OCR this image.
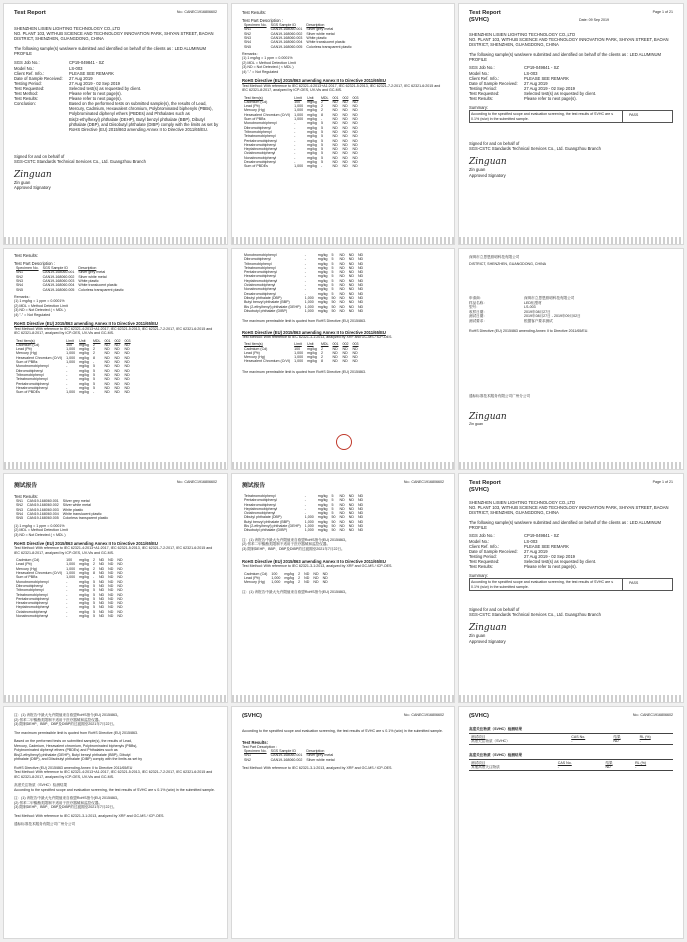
Test Report	No.: CANEC1916806602
SHENZHEN LISIEN LIGHTING TECHNOLOGY CO.,LTD
NO. PLANT 103, WITHUB SCIENCE AND TECHNOLOGY INNOVATION PARK, SHIYAN STREET, BAOAN
DISTRICT, SHENZHEN, GUANGDONG, CHINA
The following sample(s) was/were submitted and identified on behalf of the clients as : LED ALUMINUM PROFILE
SGS Job No.:	CP19-049841 - SZ
Model No.:	LS-003
Client Ref. Info.:	PLEASE SEE REMARK
Date of Sample Received:	27 Aug 2019
Testing Period:	27 Aug 2019 - 02 Sep 2019
Test Requested:	Selected test(s) as requested by client.
Test Method:	Please refer to next page(s).
Test Results:	Please refer to next page(s).
Conclusion:	Based on the performed tests on submitted sample(s), the results of Lead,
Mercury, Cadmium, Hexavalent chromium, Polybrominated biphenyls (PBBs),
Polybrominated diphenyl ethers (PBDEs) and Phthalates such as
Bis(2-ethylhexyl) phthalate (DEHP), Butyl benzyl phthalate (BBP), Dibutyl
phthalate (DBP), and Diisobutyl phthalate (DIBP) comply with the limits as set by
RoHS Directive (EU) 2015/863 amending Annex II to Directive 2011/65/EU.
Signed for and on behalf of
SGS-CSTC Standards Technical Services Co., Ltd. Guangzhou Branch
Zinguan
Zin guan
Approved Signatory
Test Results:
Test Part Description :
Specimen No.	SGS Sample ID	Description
SN1	CAN19-168060.001	Silver grey metal
SN2	CAN19-168060.002	Silver white metal
SN3	CAN19-168060.003	White plastic
SN4	CAN19-168060.004	White translucent plastic
SN5	CAN19-168060.005	Colorless transparent plastic
Remarks :
(1) 1 mg/kg = 1 ppm = 0.0001%
(2) MDL = Method Detection Limit
(3) ND = Not Detected ( < MDL )
(4) "-" = Not Regulated
RoHS Directive (EU) 2015/863 amending Annex II to Directive 2011/65/EU
Test Method: With reference to IEC 62321-4:2013+A1:2017, IEC 62321-5:2013, IEC 62321-7-2:2017, IEC 62321-6:2015 and IEC 62321-8:2017, analyzed by ICP-OES, UV-Vis and GC-MS.
Test Item(s)	Limit	Unit	MDL	001	002	003
Cadmium (Cd)	100	mg/kg	2	ND	ND	ND
Lead (Pb)	1,000	mg/kg	2	ND	ND	ND
Mercury (Hg)	1,000	mg/kg	2	ND	ND	ND
Hexavalent Chromium (CrVI)	1,000	mg/kg	8	ND	ND	ND
Sum of PBBs	1,000	mg/kg	-	ND	ND	ND
Monobromobiphenyl	-	mg/kg	5	ND	ND	ND
Dibromobiphenyl	-	mg/kg	5	ND	ND	ND
Tribromobiphenyl	-	mg/kg	5	ND	ND	ND
Tetrabromobiphenyl	-	mg/kg	5	ND	ND	ND
Pentabromobiphenyl	-	mg/kg	5	ND	ND	ND
Hexabromobiphenyl	-	mg/kg	5	ND	ND	ND
Heptabromobiphenyl	-	mg/kg	5	ND	ND	ND
Octabromobiphenyl	-	mg/kg	5	ND	ND	ND
Nonabromobiphenyl	-	mg/kg	5	ND	ND	ND
Decabromobiphenyl	-	mg/kg	5	ND	ND	ND
Sum of PBDEs	1,000	mg/kg	-	ND	ND	ND
Test Report	Page 1 of 21
(SVHC)	Date: 09 Sep 2019
SHENZHEN LISIEN LIGHTING TECHNOLOGY CO.,LTD
NO. PLANT 103, WITHUB SCIENCE AND TECHNOLOGY INNOVATION PARK, SHIYAN STREET, BAOAN
DISTRICT, SHENZHEN, GUANGDONG, CHINA
The following sample(s) was/were submitted and identified on behalf of the clients as : LED ALUMINUM PROFILE
SGS Job No.:	CP19-049841 - SZ
Model No.:	LS-003
Client Ref. Info.:	PLEASE SEE REMARK
Date of Sample Received:	27 Aug 2019
Testing Period:	27 Aug 2019 - 02 Sep 2019
Test Requested:	Selected test(s) as requested by client.
Test Results:	Please refer to next page(s).
Summary:
According to the specified scope and evaluation screening, the test results of SVHC are ≤ 0.1% (w/w) in the submitted sample.
PASS
Signed for and on behalf of
SGS-CSTC Standards Technical Services Co., Ltd. Guangzhou Branch
Zinguan
Zin guan
Approved Signatory
Test Results:
Test Part Description :
Specimen No.	SGS Sample ID	Description
SN1	CAN19-168060.001	Silver grey metal
SN2	CAN19-168060.002	Silver white metal
SN3	CAN19-168060.003	White plastic
SN4	CAN19-168060.004	White translucent plastic
SN5	CAN19-168060.005	Colorless transparent plastic
Remarks :
(1) 1 mg/kg = 1 ppm = 0.0001%
(2) MDL = Method Detection Limit
(3) ND = Not Detected ( < MDL )
(4) "-" = Not Regulated
RoHS Directive (EU) 2015/863 amending Annex II to Directive 2011/65/EU
Test Method: With reference to IEC 62321-4:2013+A1:2017, IEC 62321-5:2013, IEC 62321-7-2:2017, IEC 62321-6:2015 and IEC 62321-8:2017, analyzed by ICP-OES, UV-Vis and GC-MS.
Test Item(s)	Limit	Unit	MDL	001	002	003
Cadmium (Cd)	100	mg/kg	2	ND	ND	ND
Lead (Pb)	1,000	mg/kg	2	ND	ND	ND
Mercury (Hg)	1,000	mg/kg	2	ND	ND	ND
Hexavalent Chromium (CrVI)	1,000	mg/kg	8	ND	ND	ND
Sum of PBBs	1,000	mg/kg	-	ND	ND	ND
Monobromobiphenyl	-	mg/kg	5	ND	ND	ND
Dibromobiphenyl	-	mg/kg	5	ND	ND	ND
Tribromobiphenyl	-	mg/kg	5	ND	ND	ND
Tetrabromobiphenyl	-	mg/kg	5	ND	ND	ND
Pentabromobiphenyl	-	mg/kg	5	ND	ND	ND
Hexabromobiphenyl	-	mg/kg	5	ND	ND	ND
Sum of PBDEs	1,000	mg/kg	-	ND	ND	ND
Monobromobiphenyl	-	mg/kg	5	ND	ND	ND
Dibromobiphenyl	-	mg/kg	5	ND	ND	ND
Tribromobiphenyl	-	mg/kg	5	ND	ND	ND
Tetrabromobiphenyl	-	mg/kg	5	ND	ND	ND
Pentabromobiphenyl	-	mg/kg	5	ND	ND	ND
Hexabromobiphenyl	-	mg/kg	5	ND	ND	ND
Heptabromobiphenyl	-	mg/kg	5	ND	ND	ND
Octabromobiphenyl	-	mg/kg	5	ND	ND	ND
Nonabromobiphenyl	-	mg/kg	5	ND	ND	ND
Decabromobiphenyl	-	mg/kg	5	ND	ND	ND
Dibutyl phthalate (DBP)	1,000	mg/kg	50	ND	ND	ND
Butyl benzyl phthalate (BBP)	1,000	mg/kg	50	ND	ND	ND
Bis (2-ethylhexyl) phthalate (DEHP)	1,000	mg/kg	50	ND	ND	ND
Diisobutyl phthalate (DIBP)	1,000	mg/kg	50	ND	ND	ND
The maximum permissible limit is quoted from RoHS Directive (EU) 2015/863.
RoHS Directive (EU) 2015/863 amending Annex II to Directive 2011/65/EU
Test Method: With reference to IEC 62321-3-1:2013, analyzed by XRF and GC-MS / ICP-OES.
Test Item(s)	Limit	Unit	MDL	001	002	003
Cadmium (Cd)	100	mg/kg	2	ND	ND	ND
Lead (Pb)	1,000	mg/kg	2	ND	ND	ND
Mercury (Hg)	1,000	mg/kg	2	ND	ND	ND
Hexavalent Chromium (CrVI)	1,000	mg/kg	8	ND	ND	ND
The maximum permissible limit is quoted from RoHS Directive (EU) 2015/863.
深圳市立思恩照明科技有限公司
DISTRICT, SHENZHEN, GUANGDONG, CHINA
申请商：	深圳市立思恩照明科技有限公司
样品名称：	LED铝型材
型号：	LS-003
收样日期：	2019年08月27日
测试日期：	2019年08月27日 - 2019年09月02日
测试要求：	根据客户要求测试
RoHS Directive (EU) 2015/863 amending Annex II to Directive 2011/65/EU.
通标标准技术服务有限公司广州分公司
Zinguan
Zin guan
测试报告
No.: CANEC1916806602
Test Results:
SN1	CAN19-168060.001	Silver grey metal
SN2	CAN19-168060.002	Silver white metal
SN3	CAN19-168060.003	White plastic
SN4	CAN19-168060.004	White translucent plastic
SN5	CAN19-168060.005	Colorless transparent plastic
(1) 1 mg/kg = 1 ppm = 0.0001%
(2) MDL = Method Detection Limit
(3) ND = Not Detected ( < MDL )
RoHS Directive (EU) 2015/863 amending Annex II to Directive 2011/65/EU
Test Method: With reference to IEC 62321-4:2013+A1:2017, IEC 62321-5:2013, IEC 62321-7-2:2017, IEC 62321-6:2015 and IEC 62321-8:2017, analyzed by ICP-OES, UV-Vis and GC-MS.
Cadmium (Cd)	100	mg/kg	2	ND	ND	ND
Lead (Pb)	1,000	mg/kg	2	ND	ND	ND
Mercury (Hg)	1,000	mg/kg	2	ND	ND	ND
Hexavalent Chromium (CrVI)	1,000	mg/kg	8	ND	ND	ND
Sum of PBBs	1,000	mg/kg	-	ND	ND	ND
Monobromobiphenyl	-	mg/kg	5	ND	ND	ND
Dibromobiphenyl	-	mg/kg	5	ND	ND	ND
Tribromobiphenyl	-	mg/kg	5	ND	ND	ND
Tetrabromobiphenyl	-	mg/kg	5	ND	ND	ND
Pentabromobiphenyl	-	mg/kg	5	ND	ND	ND
Hexabromobiphenyl	-	mg/kg	5	ND	ND	ND
Heptabromobiphenyl	-	mg/kg	5	ND	ND	ND
Octabromobiphenyl	-	mg/kg	5	ND	ND	ND
Nonabromobiphenyl	-	mg/kg	5	ND	ND	ND
测试报告
No.: CANEC1916806602
Tetrabromobiphenyl	-	mg/kg	5	ND	ND	ND
Pentabromobiphenyl	-	mg/kg	5	ND	ND	ND
Hexabromobiphenyl	-	mg/kg	5	ND	ND	ND
Heptabromobiphenyl	-	mg/kg	5	ND	ND	ND
Octabromobiphenyl	-	mg/kg	5	ND	ND	ND
Dibutyl phthalate (DBP)	1,000	mg/kg	50	ND	ND	ND
Butyl benzyl phthalate (BBP)	1,000	mg/kg	50	ND	ND	ND
Bis (2-ethylhexyl) phthalate (DEHP)	1,000	mg/kg	50	ND	ND	ND
Diisobutyl phthalate (DIBP)	1,000	mg/kg	50	ND	ND	ND
注：(1) 该报告中最大允许限值来自欧盟RoHS指令(EU) 2015/863。
(2) 邻苯二甲酸酯类限制不适用于医疗器械和监控仪器。
(3) 限制DEHP、BBP、DBP及DIBP的过渡期至2021年7月22日。
RoHS Directive (EU) 2015/863 amending Annex II to Directive 2011/65/EU
Test Method: With reference to IEC 62321-3-1:2013, analyzed by XRF and GC-MS / ICP-OES.
Cadmium (Cd)	100	mg/kg	2	ND	ND	ND
Lead (Pb)	1,000	mg/kg	2	ND	ND	ND
Mercury (Hg)	1,000	mg/kg	2	ND	ND	ND
注：(1) 该报告中最大允许限值来自欧盟RoHS指令(EU) 2015/863。
Test Report	Page 1 of 21
(SVHC)
SHENZHEN LISIEN LIGHTING TECHNOLOGY CO.,LTD
NO. PLANT 103, WITHUB SCIENCE AND TECHNOLOGY INNOVATION PARK, SHIYAN STREET, BAOAN
DISTRICT, SHENZHEN, GUANGDONG, CHINA
The following sample(s) was/were submitted and identified on behalf of the clients as : LED ALUMINUM PROFILE
SGS Job No.:	CP19-049841 - SZ
Model No.:	LS-003
Client Ref. Info.:	PLEASE SEE REMARK
Date of Sample Received:	27 Aug 2019
Testing Period:	27 Aug 2019 - 02 Sep 2019
Test Requested:	Selected test(s) as requested by client.
Test Results:	Please refer to next page(s).
Summary:
According to the specified scope and evaluation screening, the test results of SVHC are ≤ 0.1% (w/w) in the submitted sample.
PASS
Signed for and on behalf of
SGS-CSTC Standards Technical Services Co., Ltd. Guangzhou Branch
Zinguan
Zin guan
Approved Signatory
注：(1) 该报告中最大允许限值来自欧盟RoHS指令(EU) 2015/863。
(2) 邻苯二甲酸酯类限制不适用于医疗器械和监控仪器。
(3) 限制DEHP、BBP、DBP及DIBP的过渡期至2021年7月22日。
The maximum permissible limit is quoted from RoHS Directive (EU) 2015/863.
Based on the performed tests on submitted sample(s), the results of Lead,
Mercury, Cadmium, Hexavalent chromium, Polybrominated biphenyls (PBBs),
Polybrominated diphenyl ethers (PBDEs) and Phthalates such as
Bis(2-ethylhexyl) phthalate (DEHP), Butyl benzyl phthalate (BBP), Dibutyl
phthalate (DBP), and Diisobutyl phthalate (DIBP) comply with the limits as set by
RoHS Directive (EU) 2015/863 amending Annex II to Directive 2011/65/EU
Test Method: With reference to IEC 62321-4:2013+A1:2017, IEC 62321-5:2013, IEC 62321-7-2:2017, IEC 62321-6:2015 and IEC 62321-8:2017, analyzed by ICP-OES, UV-Vis and GC-MS.
高度关注物质（SVHC）检测结果
According to the specified scope and evaluation screening, the test results of SVHC are ≤ 0.1% (w/w) in the submitted sample.
注：(1) 该报告中最大允许限值来自欧盟RoHS指令(EU) 2015/863。
(2) 邻苯二甲酸酯类限制不适用于医疗器械和监控仪器。
(3) 限制DEHP、BBP、DBP及DIBP的过渡期至2021年7月22日。
Test Method: With reference to IEC 62321-3-1:2013, analyzed by XRF and GC-MS / ICP-OES.
通标标准技术服务有限公司广州分公司
(SVHC)	No.: CANEC1916806602
According to the specified scope and evaluation screening, the test results of SVHC are ≤ 0.1% (w/w) in the submitted sample.
Test Results:
Test Part Description :
Specimen No.	SGS Sample ID	Description
SN1	CAN19-168060.001	Silver grey metal
SN2	CAN19-168060.002	Silver white metal
Test Method: With reference to IEC 62321-3-1:2013, analyzed by XRF and GC-MS / ICP-OES.
(SVHC)	No.: CANEC1916806602
高度关注物质（SVHC）检测结果
测试项目	CAS No.	结果	RL (%)
高度关注物质（SVHC）	-	ND	-
高度关注物质（SVHC）检测结果
测试项目	CAS No.	结果	RL (%)
其他高度关注物质	-	ND	-
